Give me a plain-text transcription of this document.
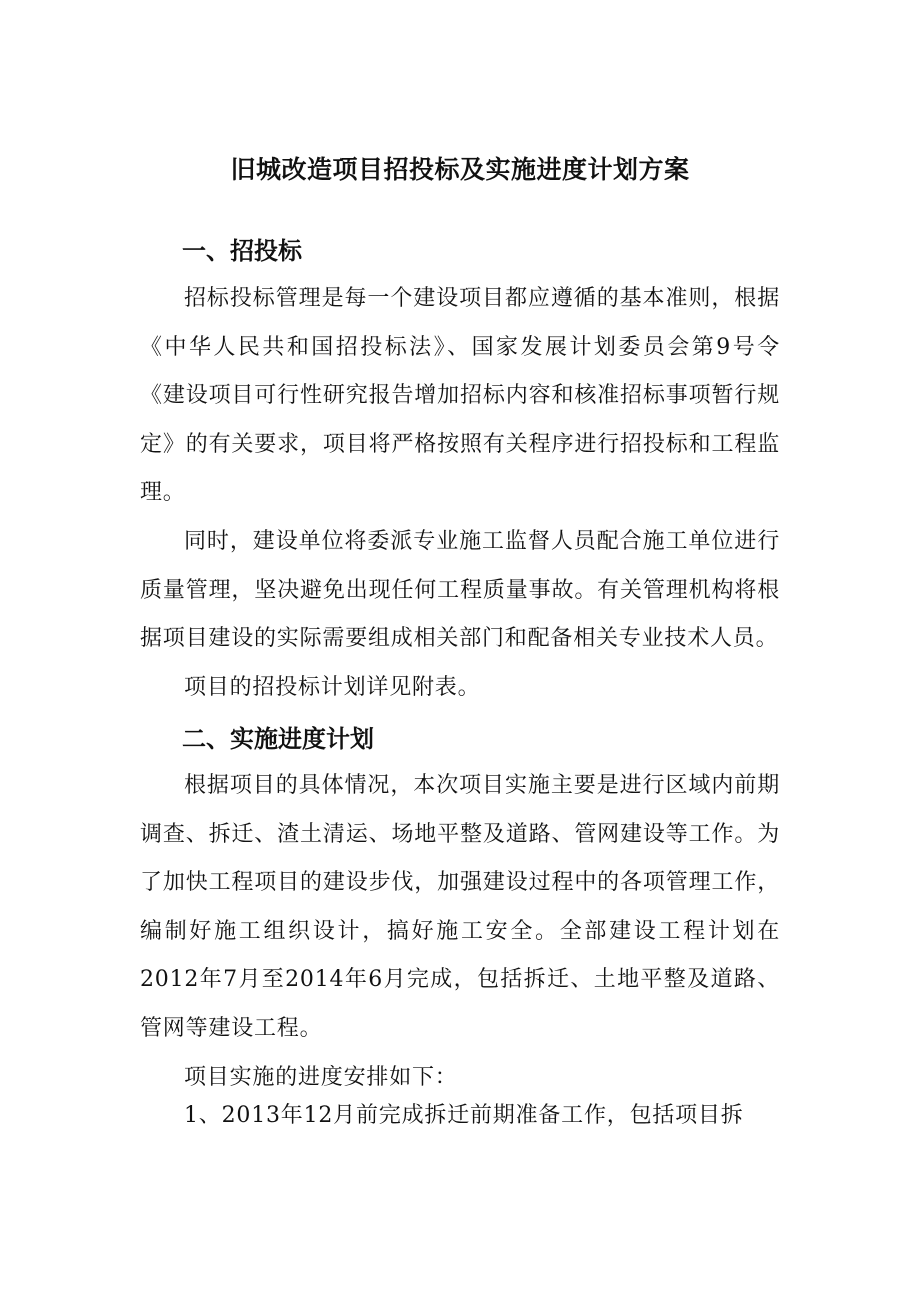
旧城改造项目招投标及实施进度计划方案
一、招投标

招标投标管理是每一个建设项目都应遵循的基本准则，根据《中华人民共和国招投标法》、国家发展计划委员会第9号令《建设项目可行性研究报告增加招标内容和核准招标事项暂行规定》的有关要求，项目将严格按照有关程序进行招投标和工程监理。

同时，建设单位将委派专业施工监督人员配合施工单位进行质量管理，坚决避免出现任何工程质量事故。有关管理机构将根据项目建设的实际需要组成相关部门和配备相关专业技术人员。

项目的招投标计划详见附表。

二、实施进度计划

根据项目的具体情况，本次项目实施主要是进行区域内前期调查、拆迁、渣土清运、场地平整及道路、管网建设等工作。为了加快工程项目的建设步伐，加强建设过程中的各项管理工作，编制好施工组织设计，搞好施工安全。全部建设工程计划在2012年7月至2014年6月完成，包括拆迁、土地平整及道路、管网等建设工程。

项目实施的进度安排如下：

1、2013年12月前完成拆迁前期准备工作，包括项目拆
